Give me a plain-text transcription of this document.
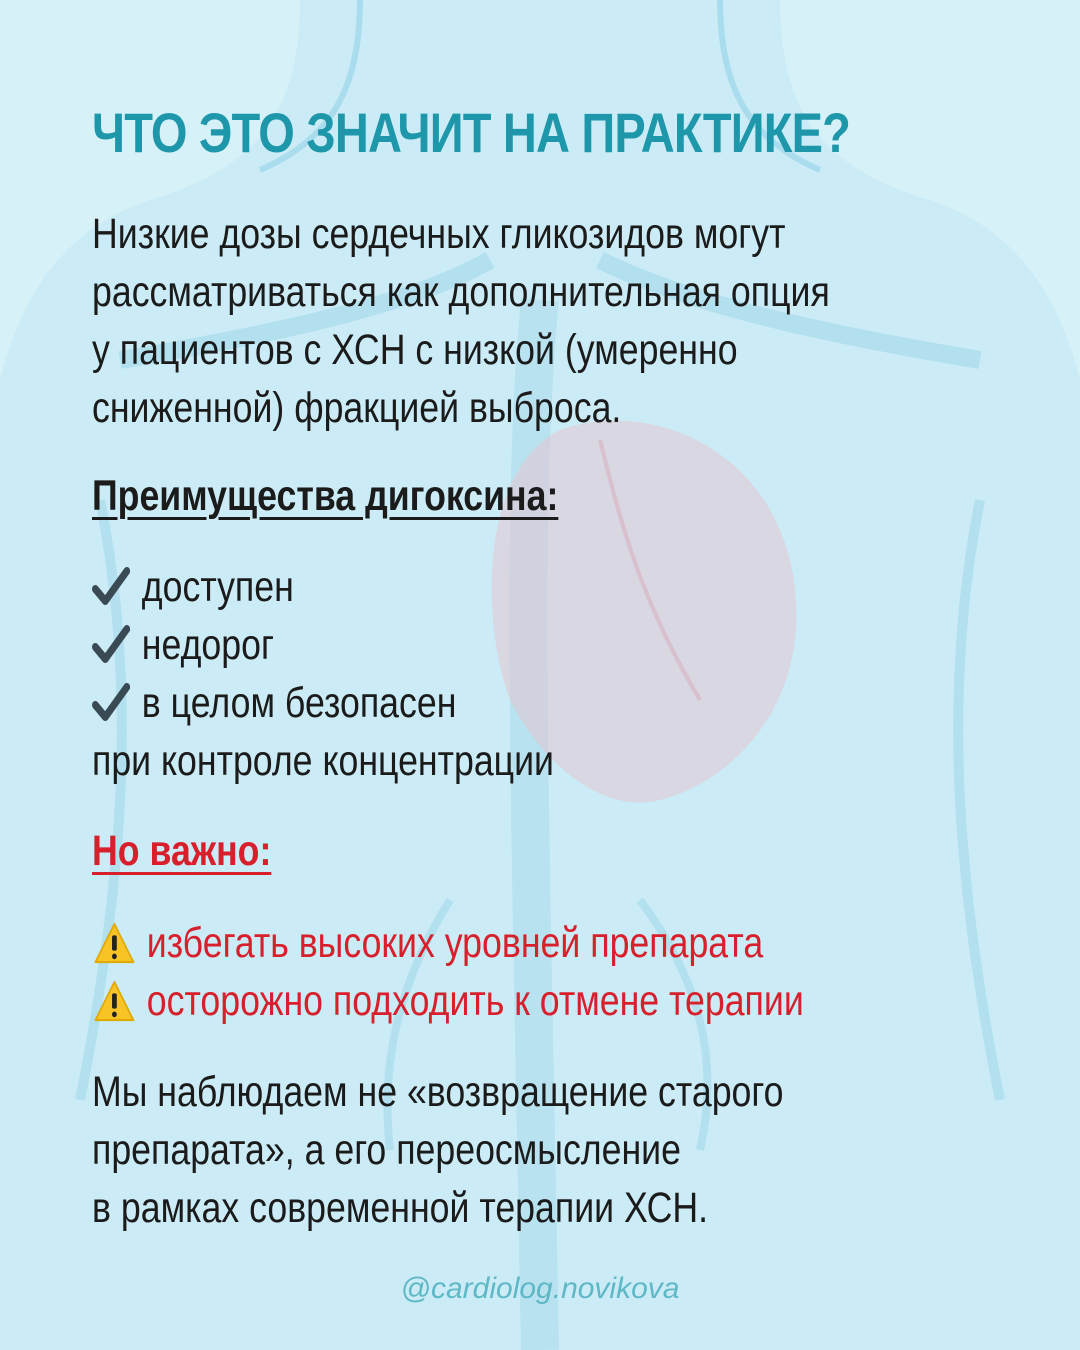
ЧТО ЭТО ЗНАЧИТ НА ПРАКТИКЕ?
Низкие дозы сердечных гликозидов могут
рассматриваться как дополнительная опция
у пациентов с ХСН с низкой (умеренно
сниженной) фракцией выброса.
Преимущества дигоксина:
доступен
недорог
в целом безопасен

при контроле концентрации

Но важно:
избегать высоких уровней препарата
осторожно подходить к отмене терапии
Мы наблюдаем не «возвращение старого
препарата», а его переосмысление
в рамках современной терапии ХСН.

@cardiolog.novikova
